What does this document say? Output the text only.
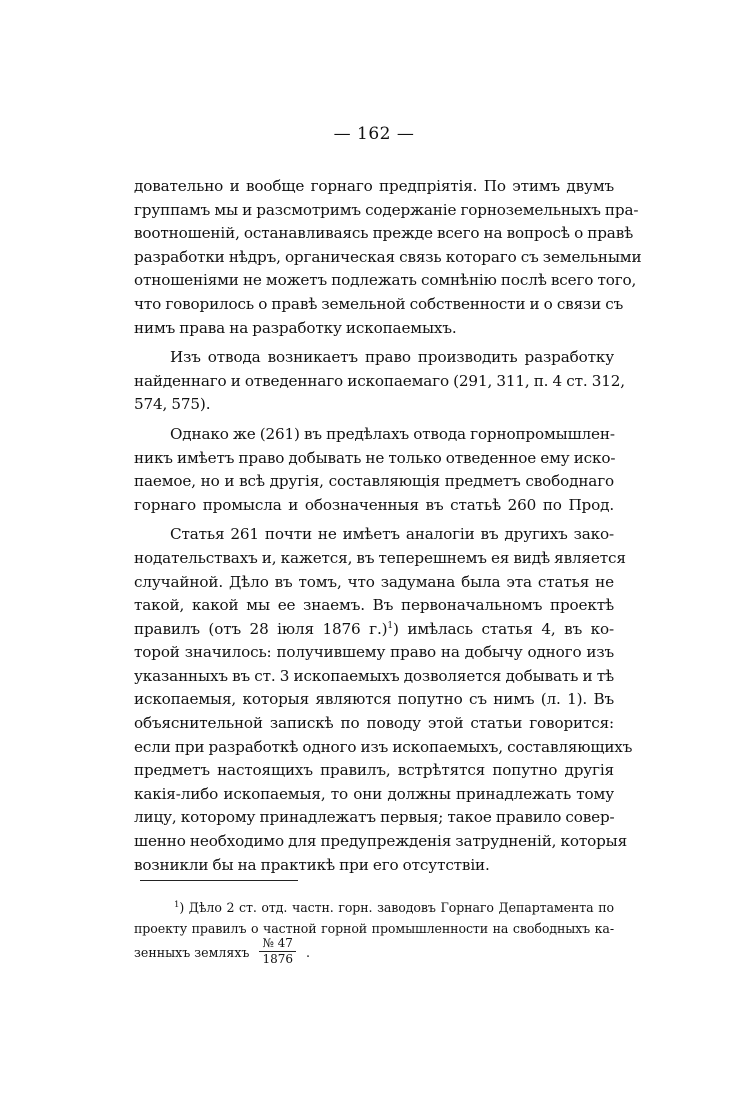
— 162 —

довательно и вообще горнаго предпріятія. По этимъ двумъ
группамъ мы и разсмотримъ содержаніе горноземельныхъ пра-
воотношеній, останавливаясь прежде всего на вопросѣ о правѣ
разработки нѣдръ, органическая связь котораго съ земельными
отношеніями не можетъ подлежать сомнѣнію послѣ всего того,
что говорилось о правѣ земельной собственности и о связи съ
нимъ права на разработку ископаемыхъ.

Изъ отвода возникаетъ право производить разработку
найденнаго и отведеннаго ископаемаго (291, 311, п. 4 ст. 312,
574, 575).

Однако же (261) въ предѣлахъ отвода горнопромышлен-
никъ имѣетъ право добывать не только отведенное ему иско-
паемое, но и всѣ другія, составляющія предметъ свободнаго
горнаго промысла и обозначенныя въ статьѣ 260 по Прод.

Статья 261 почти не имѣетъ аналогіи въ другихъ зако-
нодательствахъ и, кажется, въ теперешнемъ ея видѣ является
случайной. Дѣло въ томъ, что задумана была эта статья не
такой, какой мы ее знаемъ. Въ первоначальномъ проектѣ
правилъ (отъ 28 іюля 1876 г.)$^1$) имѣлась статья 4, въ ко-
торой значилось: получившему право на добычу одного изъ
указанныхъ въ ст. 3 ископаемыхъ дозволяется добывать и тѣ
ископаемыя, которыя являются попутно съ нимъ (л. 1). Въ
объяснительной запискѣ по поводу этой статьи говорится:
если при разработкѣ одного изъ ископаемыхъ, составляющихъ
предметъ настоящихъ правилъ, встрѣтятся попутно другія
какія-либо ископаемыя, то они должны принадлежать тому
лицу, которому принадлежатъ первыя; такое правило совер-
шенно необходимо для предупрежденія затрудненій, которыя
возникли бы на практикѣ при его отсутствіи.

$^1$) Дѣло 2 ст. отд. частн. горн. заводовъ Горнаго Департамента по
проекту правилъ о частной горной промышленности на свободныхъ ка-
зенныхъ земляхъ $\frac{№ 47}{1876}$ .
